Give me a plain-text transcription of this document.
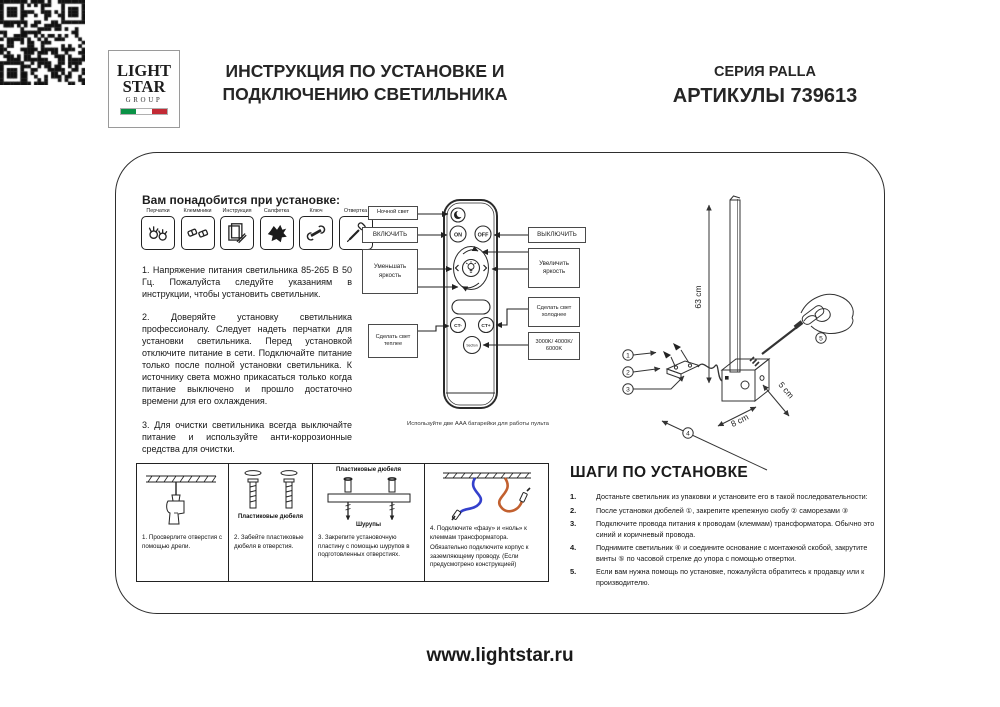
LIGHT
STAR
GROUP
ИНСТРУКЦИЯ ПО УСТАНОВКЕ И
ПОДКЛЮЧЕНИЮ СВЕТИЛЬНИКА
СЕРИЯ PALLA
АРТИКУЛЫ 739613
Вам понадобится при установке:
Перчатки	Клеммники	Инструкция	Салфетка	Ключ	Отвертка

1. Напряжение питания светильника 85-265 В 50 Гц. Пожалуйста следуйте указаниям в инструкции, чтобы установить светильник.

2. Доверяйте установку светильника профессионалу. Следует надеть перчатки для установки светильника. Перед установкой отключите питание в сети. Подключайте питание только после полной установки светильника. К источнику света можно прикасаться только когда питание выключено и прошло достаточно времени для его охлаждения.

3. Для очистки светильника всегда выключайте питание и используйте анти-коррозионные средства для очистки.

ON	OFF
CT-	CT+
Section
Ночной свет
ВКЛЮЧИТЬ
Уменьшать яркость
Сделать свет теплее
ВЫКЛЮЧИТЬ
Увеличить яркость
Сделать свет холоднее
3000K/ 4000K/ 6000K
Используйте две AAA батарейки для работы пульта
63 cm
8 cm
5 cm
1
2
3
4
5
1. Просверлите отверстия с помощью дрели.
Пластиковые дюбеля
2. Забейте пластиковые дюбеля в отверстия.
Пластиковые дюбеля
Шурупы
3. Закрепите установочную пластину с помощью шурупов в подготовленных отверстиях.
4. Подключите «фазу» и «ноль» к клеммам трансформатора.
Обязательно подключите корпус к заземляющему проводу. (Если предусмотрено конструкцией)
ШАГИ ПО УСТАНОВКЕ
1.	Достаньте светильник из упаковки и установите его в такой последовательности:
2.	После установки дюбелей ①, закрепите крепежную скобу ② саморезами ③
3.	Подключите провода питания к проводам (клеммам) трансформатора. Обычно это синий и коричневый провода.
4.	Поднимите светильник ④ и соедините основание с монтажной скобой, закрутите винты ⑤ по часовой стрелке до упора с помощью отвертки.
5.	Если вам нужна помощь по установке, пожалуйста обратитесь к продавцу или к производителю.
www.lightstar.ru
